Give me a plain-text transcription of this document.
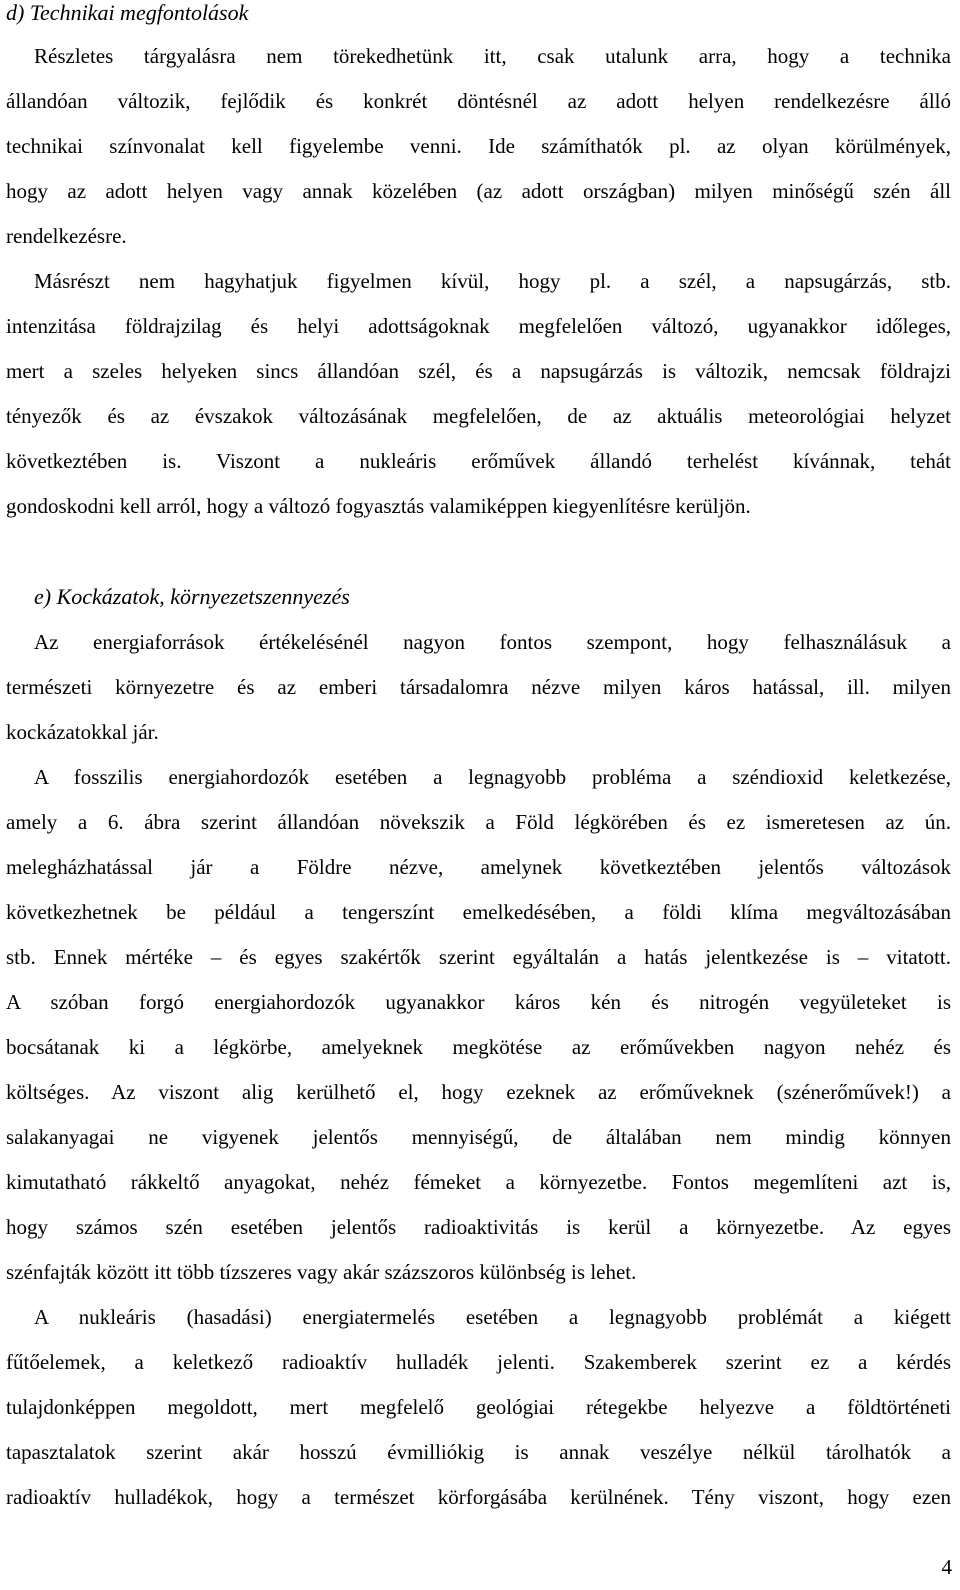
d) Technikai megfontolások
Részletes tárgyalásra nem törekedhetünk itt, csak utalunk arra, hogy a technika
állandóan változik, fejlődik és konkrét döntésnél az adott helyen rendelkezésre álló
technikai színvonalat kell figyelembe venni. Ide számíthatók pl. az olyan körülmények,
hogy az adott helyen vagy annak közelében (az adott országban) milyen minőségű szén áll
rendelkezésre.
Másrészt nem hagyhatjuk figyelmen kívül, hogy pl. a szél, a napsugárzás, stb.
intenzitása földrajzilag és helyi adottságoknak megfelelően változó, ugyanakkor időleges,
mert a szeles helyeken sincs állandóan szél, és a napsugárzás is változik, nemcsak földrajzi
tényezők és az évszakok változásának megfelelően, de az aktuális meteorológiai helyzet
következtében is. Viszont a nukleáris erőművek állandó terhelést kívánnak, tehát
gondoskodni kell arról, hogy a változó fogyasztás valamiképpen kiegyenlítésre kerüljön.
e) Kockázatok, környezetszennyezés
Az energiaforrások értékelésénél nagyon fontos szempont, hogy felhasználásuk a
természeti környezetre és az emberi társadalomra nézve milyen káros hatással, ill. milyen
kockázatokkal jár.
A fosszilis energiahordozók esetében a legnagyobb probléma a széndioxid keletkezése,
amely a 6. ábra szerint állandóan növekszik a Föld légkörében és ez ismeretesen az ún.
melegházhatással jár a Földre nézve, amelynek következtében jelentős változások
következhetnek be például a tengerszínt emelkedésében, a földi klíma megváltozásában
stb. Ennek mértéke – és egyes szakértők szerint egyáltalán a hatás jelentkezése is – vitatott.
A szóban forgó energiahordozók ugyanakkor káros kén és nitrogén vegyületeket is
bocsátanak ki a légkörbe, amelyeknek megkötése az erőművekben nagyon nehéz és
költséges. Az viszont alig kerülhető el, hogy ezeknek az erőműveknek (szénerőművek!) a
salakanyagai ne vigyenek jelentős mennyiségű, de általában nem mindig könnyen
kimutatható rákkeltő anyagokat, nehéz fémeket a környezetbe. Fontos megemlíteni azt is,
hogy számos szén esetében jelentős radioaktivitás is kerül a környezetbe. Az egyes
szénfajták között itt több tízszeres vagy akár százszoros különbség is lehet.
A nukleáris (hasadási) energiatermelés esetében a legnagyobb problémát a kiégett
fűtőelemek, a keletkező radioaktív hulladék jelenti. Szakemberek szerint ez a kérdés
tulajdonképpen megoldott, mert megfelelő geológiai rétegekbe helyezve a földtörténeti
tapasztalatok szerint akár hosszú évmilliókig is annak veszélye nélkül tárolhatók a
radioaktív hulladékok, hogy a természet körforgásába kerülnének. Tény viszont, hogy ezen
4
